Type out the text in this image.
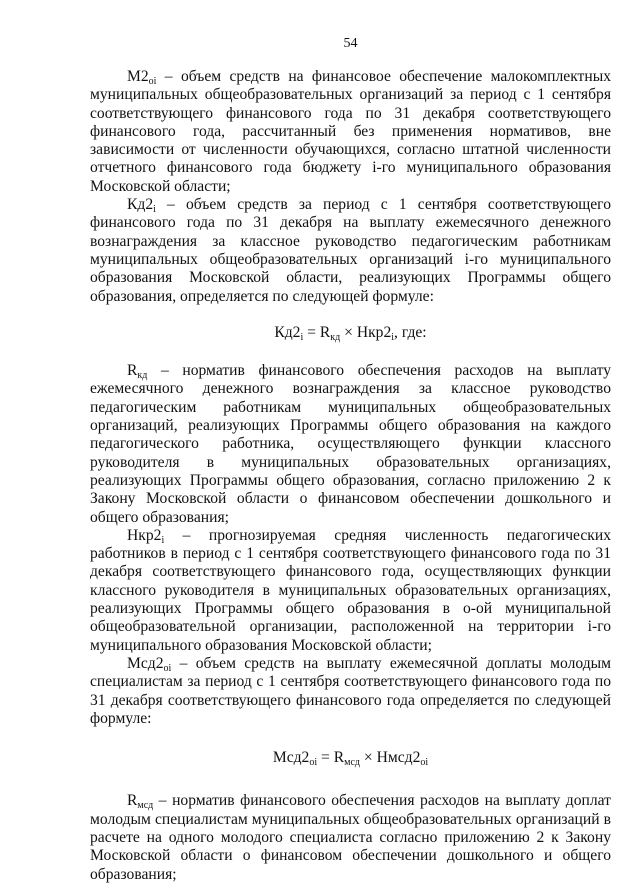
54

$М2_{oi}$ – объем средств на финансовое обеспечение малокомплектных муниципальных общеобразовательных организаций за период с 1 сентября соответствующего финансового года по 31 декабря соответствующего финансового года, рассчитанный без применения нормативов, вне зависимости от численности обучающихся, согласно штатной численности отчетного финансового года бюджету i-го муниципального образования Московской области;

$Кд2_i$ – объем средств за период с 1 сентября соответствующего финансового года по 31 декабря на выплату ежемесячного денежного вознаграждения за классное руководство педагогическим работникам муниципальных общеобразовательных организаций i-го муниципального образования Московской области, реализующих Программы общего образования, определяется по следующей формуле:

$Кд2_i = R_{кд} \times Нкр2_i$, где:

$R_{кд}$ – норматив финансового обеспечения расходов на выплату ежемесячного денежного вознаграждения за классное руководство педагогическим работникам муниципальных общеобразовательных организаций, реализующих Программы общего образования на каждого педагогического работника, осуществляющего функции классного руководителя в муниципальных образовательных организациях, реализующих Программы общего образования, согласно приложению 2 к Закону Московской области о финансовом обеспечении дошкольного и общего образования;

$Нкр2_i$ – прогнозируемая средняя численность педагогических работников в период с 1 сентября соответствующего финансового года по 31 декабря соответствующего финансового года, осуществляющих функции классного руководителя в муниципальных образовательных организациях, реализующих Программы общего образования в о-ой муниципальной общеобразовательной организации, расположенной на территории i-го муниципального образования Московской области;

$Мсд2_{oi}$ – объем средств на выплату ежемесячной доплаты молодым специалистам за период с 1 сентября соответствующего финансового года по 31 декабря соответствующего финансового года определяется по следующей формуле:

$Мсд2_{oi} = R_{мсд}$ × $Нмсд2_{oi}$

$R_{мсд}$ – норматив финансового обеспечения расходов на выплату доплат молодым специалистам муниципальных общеобразовательных организаций в расчете на одного молодого специалиста согласно приложению 2 к Закону Московской области о финансовом обеспечении дошкольного и общего образования;
